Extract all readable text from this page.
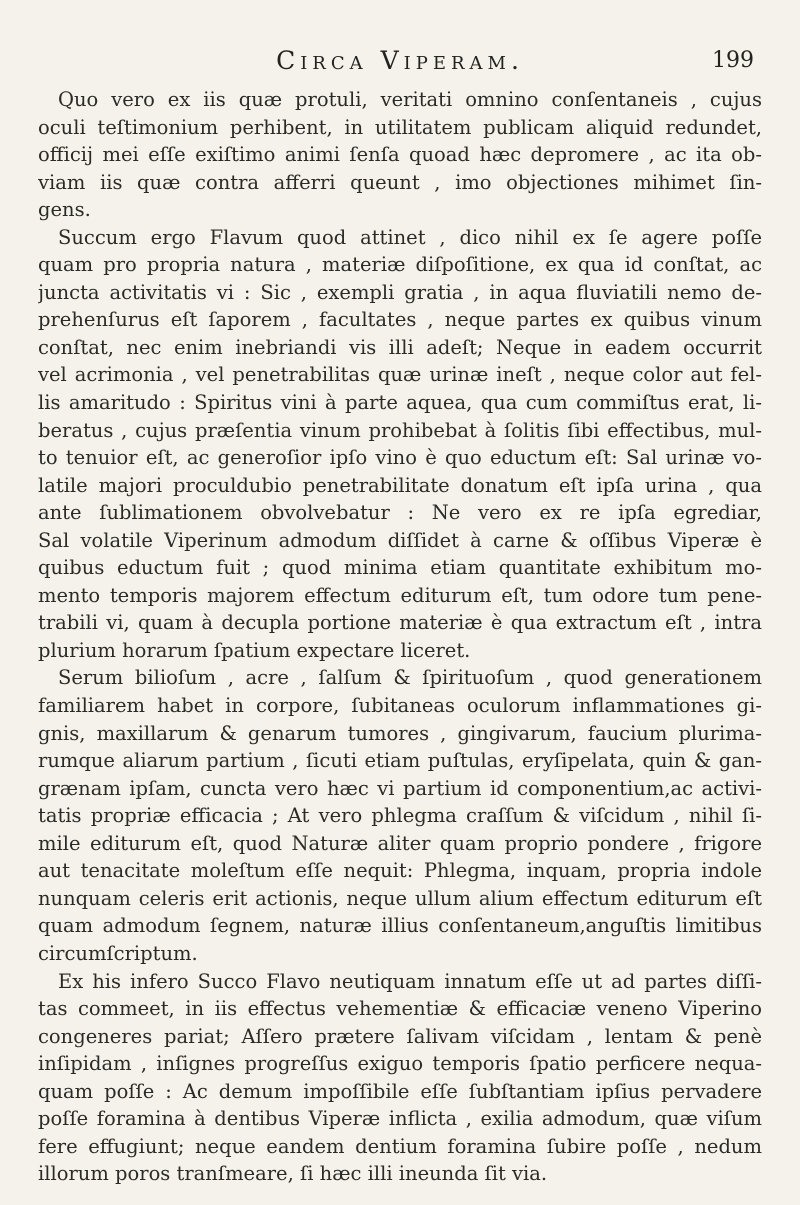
Circa Viperam.	199
Quo vero ex iis quæ protuli, veritati omnino conſentaneis , cujus
oculi teſtimonium perhibent, in utilitatem publicam aliquid redundet,
officij mei eſſe exiſtimo animi ſenſa quoad hæc depromere , ac ita ob-
viam iis quæ contra afferri queunt , imo objectiones mihimet ſin-
gens.
Succum ergo Flavum quod attinet , dico nihil ex ſe agere poſſe
quam pro propria natura , materiæ diſpoſitione, ex qua id conſtat, ac
juncta activitatis vi : Sic , exempli gratia , in aqua fluviatili nemo de-
prehenſurus eſt ſaporem , facultates , neque partes ex quibus vinum
conſtat, nec enim inebriandi vis illi adeſt; Neque in eadem occurrit
vel acrimonia , vel penetrabilitas quæ urinæ ineſt , neque color aut fel-
lis amaritudo : Spiritus vini à parte aquea, qua cum commiſtus erat, li-
beratus , cujus præſentia vinum prohibebat à ſolitis ſibi effectibus, mul-
to tenuior eſt, ac generoſior ipſo vino è quo eductum eſt: Sal urinæ vo-
latile majori proculdubio penetrabilitate donatum eſt ipſa urina , qua
ante ſublimationem obvolvebatur : Ne vero ex re ipſa egrediar,
Sal volatile Viperinum admodum diſſidet à carne & oſſibus Viperæ è
quibus eductum fuit ; quod minima etiam quantitate exhibitum mo-
mento temporis majorem effectum editurum eſt, tum odore tum pene-
trabili vi, quam à decupla portione materiæ è qua extractum eſt , intra
plurium horarum ſpatium expectare liceret.
Serum bilioſum , acre , ſalſum & ſpirituoſum , quod generationem
familiarem habet in corpore, ſubitaneas oculorum inflammationes gi-
gnis, maxillarum & genarum tumores , gingivarum, faucium plurima-
rumque aliarum partium , ſicuti etiam puſtulas, eryſipelata, quin & gan-
grænam ipſam, cuncta vero hæc vi partium id componentium,ac activi-
tatis propriæ efficacia ; At vero phlegma craſſum & viſcidum , nihil ſi-
mile editurum eſt, quod Naturæ aliter quam proprio pondere , frigore
aut tenacitate moleſtum eſſe nequit: Phlegma, inquam, propria indole
nunquam celeris erit actionis, neque ullum alium effectum editurum eſt
quam admodum ſegnem, naturæ illius conſentaneum,anguſtis limitibus
circumſcriptum.
Ex his infero Succo Flavo neutiquam innatum eſſe ut ad partes diſſi-
tas commeet, in iis effectus vehementiæ & efficaciæ veneno Viperino
congeneres pariat; Aſſero prætere ſalivam viſcidam , lentam & penè
inſipidam , inſignes progreſſus exiguo temporis ſpatio perficere nequa-
quam poſſe : Ac demum impoſſibile eſſe ſubſtantiam ipſius pervadere
poſſe foramina à dentibus Viperæ inflicta , exilia admodum, quæ viſum
fere effugiunt; neque eandem dentium foramina ſubire poſſe , nedum
illorum poros tranſmeare, ſi hæc illi ineunda ſit via.
